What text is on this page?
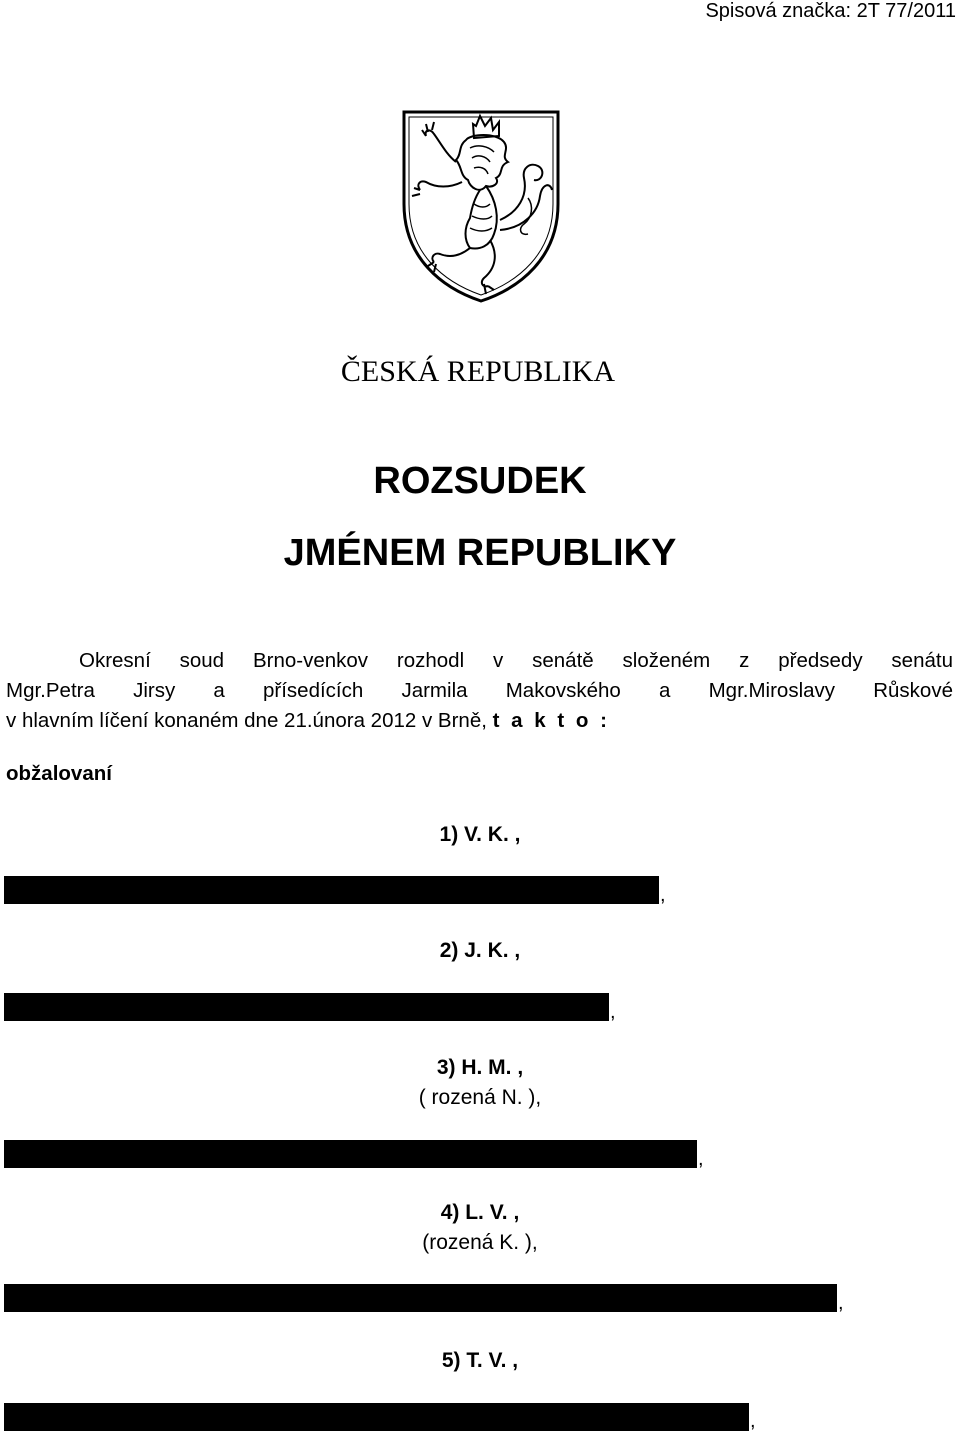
Spisová značka: 2T 77/2011
ČESKÁ REPUBLIKA
ROZSUDEK
JMÉNEM REPUBLIKY
Okresní soud Brno-venkov rozhodl v senátě složeném z předsedy senátu
Mgr.Petra Jirsy a přísedících Jarmila Makovského a Mgr.Miroslavy Růskové
v hlavním líčení konaném dne 21.února 2012 v Brně, t a k t o :
obžalovaní
1) V. K. ,
,
2) J. K. ,
,
3) H. M. ,
( rozená N. ),
,
4) L. V. ,
(rozená K. ),
,
5) T. V. ,
,
